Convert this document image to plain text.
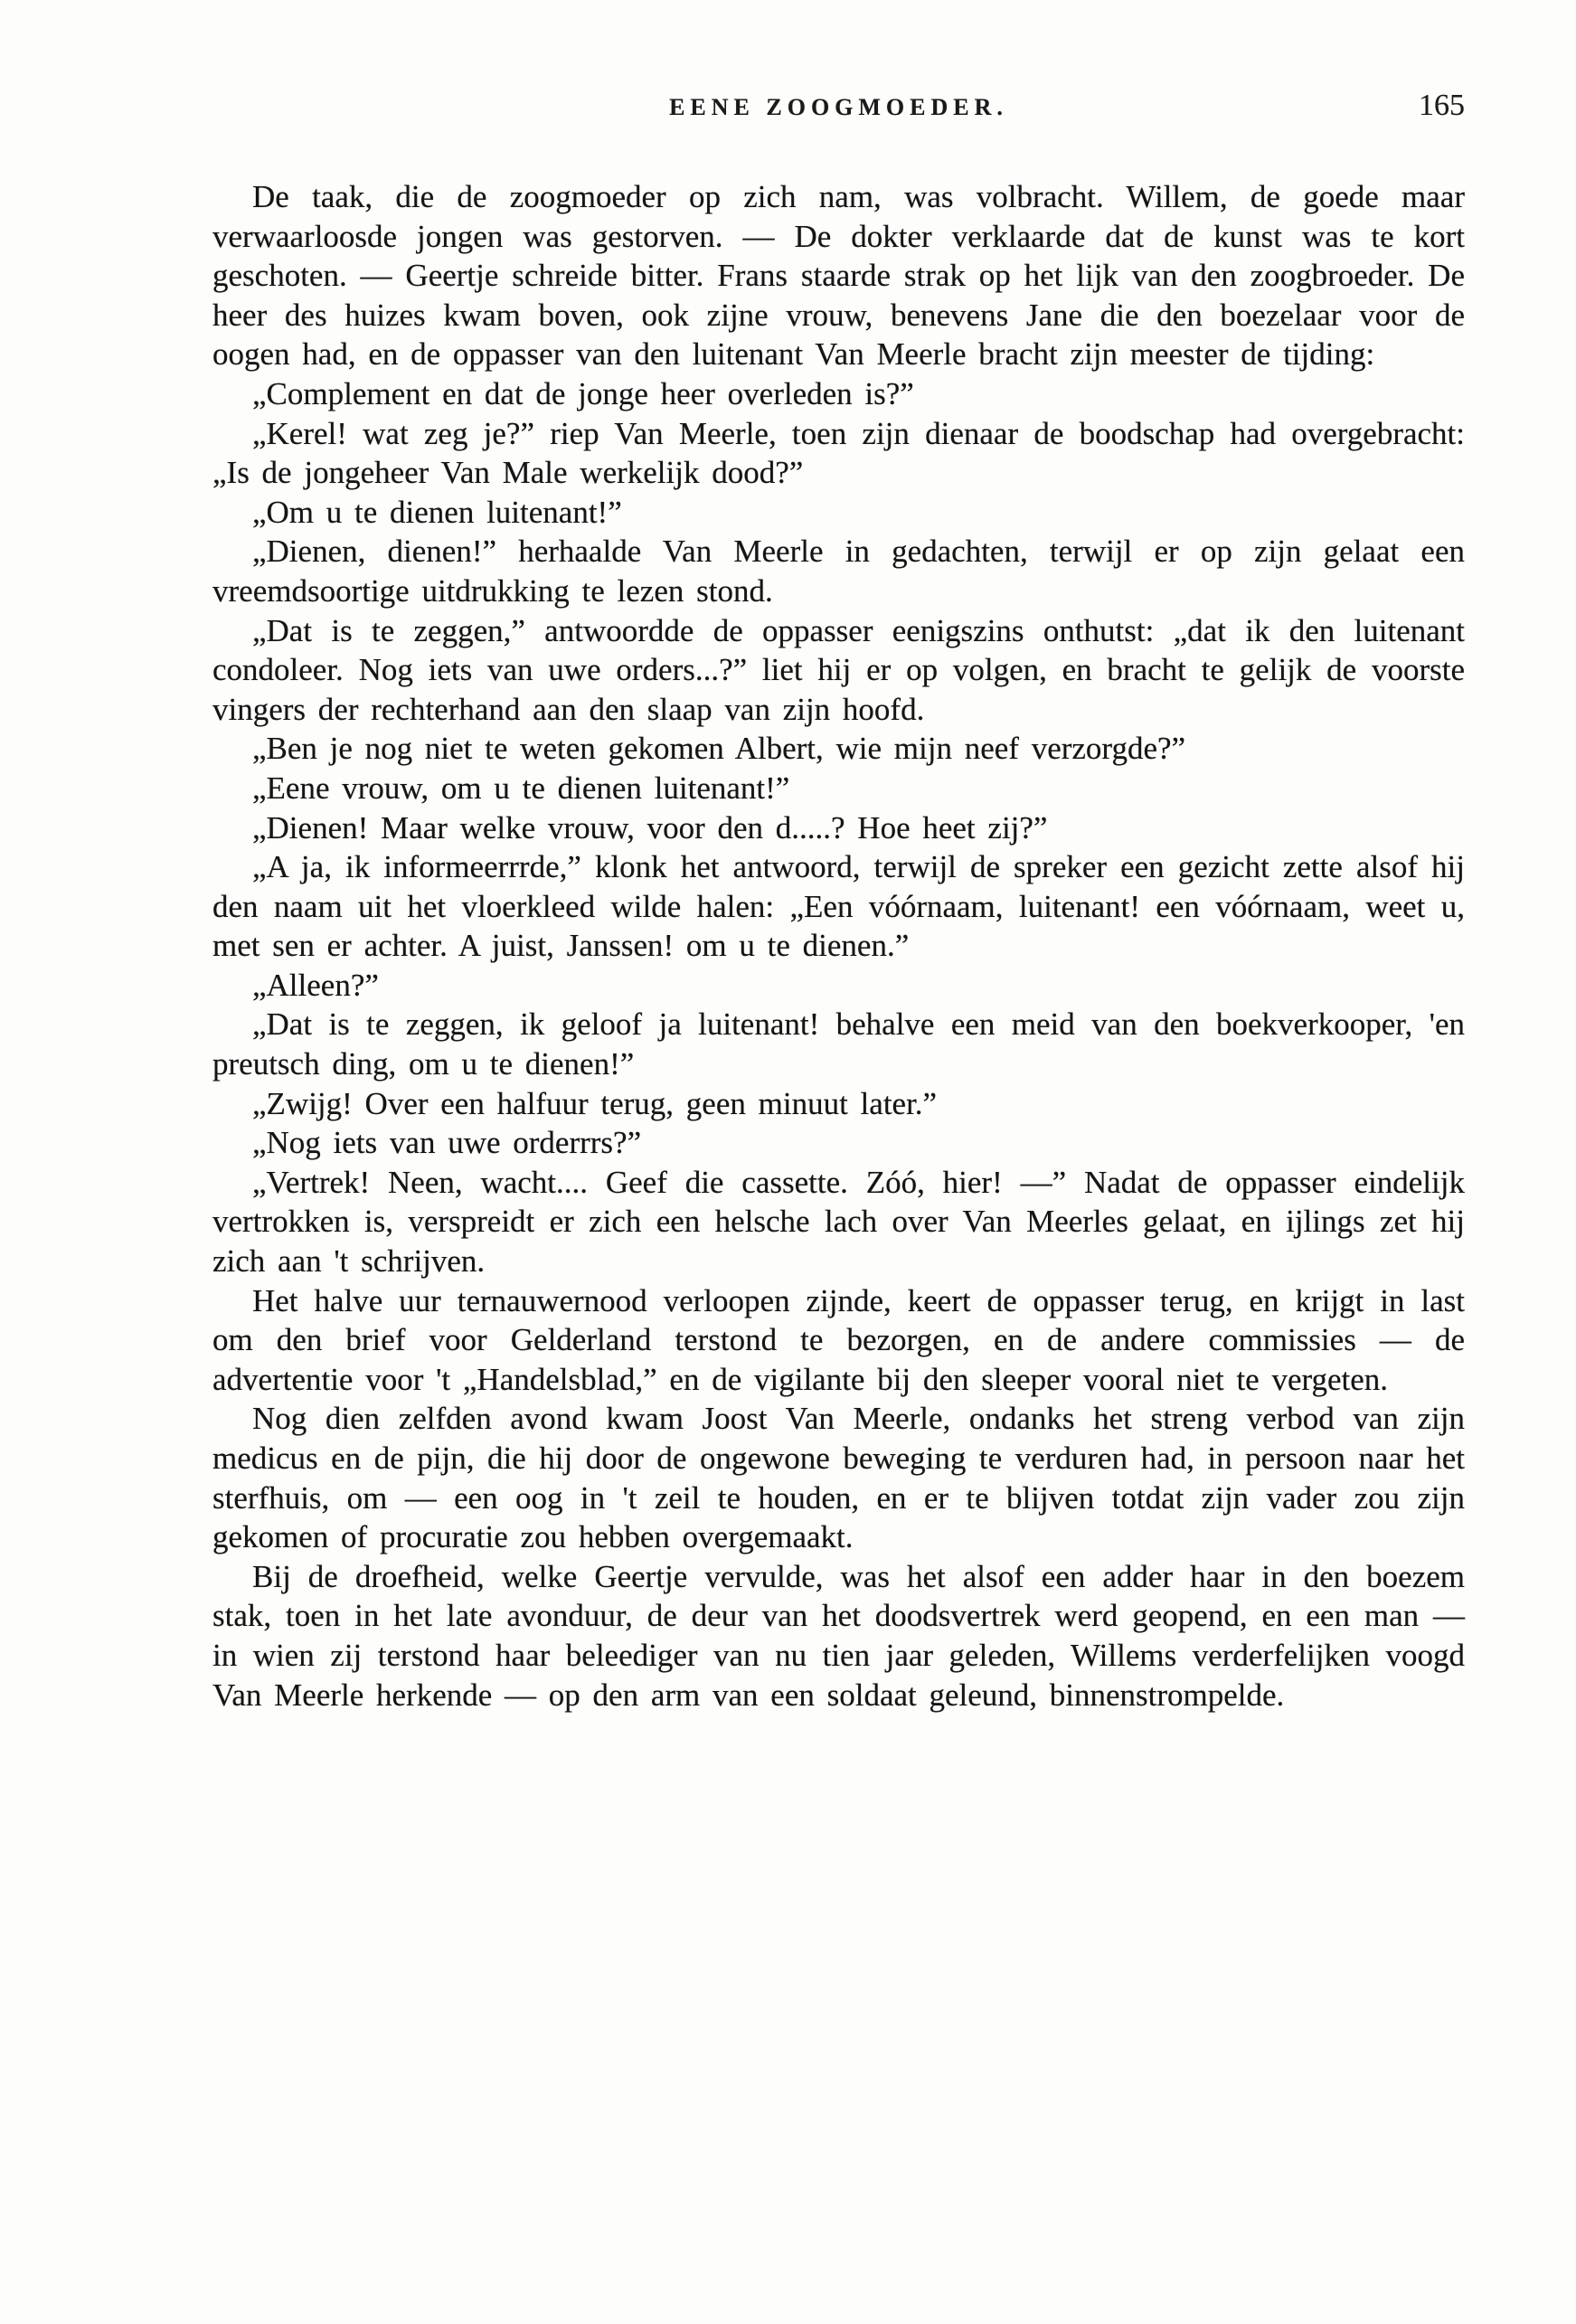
EENE ZOOGMOEDER.	165

De taak, die de zoogmoeder op zich nam, was volbracht. Willem, de goede maar verwaarloosde jongen was gestorven. — De dokter verklaarde dat de kunst was te kort geschoten. — Geertje schreide bitter. Frans staarde strak op het lijk van den zoogbroeder. De heer des huizes kwam boven, ook zijne vrouw, benevens Jane die den boezelaar voor de oogen had, en de oppasser van den luitenant Van Meerle bracht zijn meester de tijding:

„Complement en dat de jonge heer overleden is?”

„Kerel! wat zeg je?” riep Van Meerle, toen zijn dienaar de boodschap had overgebracht: „Is de jongeheer Van Male werkelijk dood?”

„Om u te dienen luitenant!”

„Dienen, dienen!” herhaalde Van Meerle in gedachten, terwijl er op zijn gelaat een vreemdsoortige uitdrukking te lezen stond.

„Dat is te zeggen,” antwoordde de oppasser eenigszins onthutst: „dat ik den luitenant condoleer. Nog iets van uwe orders...?” liet hij er op volgen, en bracht te gelijk de voorste vingers der rechterhand aan den slaap van zijn hoofd.

„Ben je nog niet te weten gekomen Albert, wie mijn neef verzorgde?”

„Eene vrouw, om u te dienen luitenant!”

„Dienen! Maar welke vrouw, voor den d.....? Hoe heet zij?”

„A ja, ik informeerrrde,” klonk het antwoord, terwijl de spreker een gezicht zette alsof hij den naam uit het vloerkleed wilde halen: „Een vóórnaam, luitenant! een vóórnaam, weet u, met sen er achter. A juist, Janssen! om u te dienen.”

„Alleen?”

„Dat is te zeggen, ik geloof ja luitenant! behalve een meid van den boekverkooper, 'en preutsch ding, om u te dienen!”

„Zwijg! Over een halfuur terug, geen minuut later.”

„Nog iets van uwe orderrrs?”

„Vertrek! Neen, wacht.... Geef die cassette. Zóó, hier! —” Nadat de oppasser eindelijk vertrokken is, verspreidt er zich een helsche lach over Van Meerles gelaat, en ijlings zet hij zich aan 't schrijven.

Het halve uur ternauwernood verloopen zijnde, keert de oppasser terug, en krijgt in last om den brief voor Gelderland terstond te bezorgen, en de andere commissies — de advertentie voor 't „Handelsblad,” en de vigilante bij den sleeper vooral niet te vergeten.

Nog dien zelfden avond kwam Joost Van Meerle, ondanks het streng verbod van zijn medicus en de pijn, die hij door de ongewone beweging te verduren had, in persoon naar het sterfhuis, om — een oog in 't zeil te houden, en er te blijven totdat zijn vader zou zijn gekomen of procuratie zou hebben overgemaakt.

Bij de droefheid, welke Geertje vervulde, was het alsof een adder haar in den boezem stak, toen in het late avonduur, de deur van het doodsvertrek werd geopend, en een man — in wien zij terstond haar beleediger van nu tien jaar geleden, Willems verderfelijken voogd Van Meerle herkende — op den arm van een soldaat geleund, binnenstrompelde.
